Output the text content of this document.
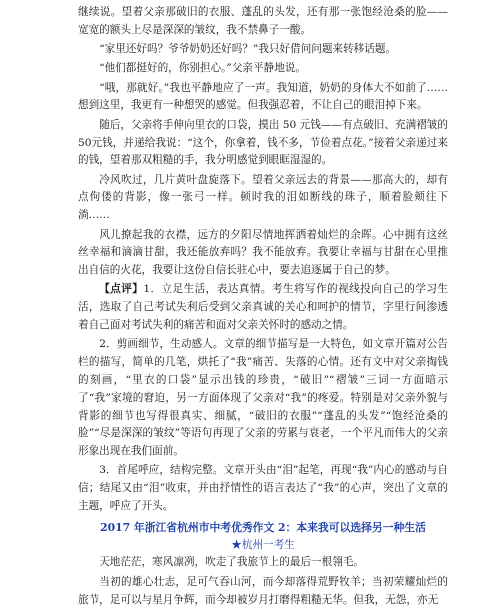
继续说。望着父亲那破旧的衣服、蓬乱的头发，还有那一张饱经沧桑的脸——宽宽的额头上尽是深深的皱纹，我不禁鼻子一酸。

“家里还好吗？爷爷奶奶还好吗？”我只好借问问题来转移话题。

“他们都挺好的，你别担心。”父亲平静地说。

“哦，那就好。”我也平静地应了一声。我知道，奶奶的身体大不如前了……想到这里，我更有一种想哭的感觉。但我强忍着，不让自己的眼泪掉下来。

随后，父亲将手伸向里衣的口袋，摸出 50 元钱——有点破旧、充满褶皱的50元钱，并递给我说：“这个，你拿着，钱不多，节俭着点花。”接着父亲递过来的钱，望着那双粗糙的手，我分明感觉到眼眶湿湿的。

冷风吹过，几片黄叶盘旋落下。望着父亲远去的背景——那高大的，却有点佝偻的背影，像一张弓一样。顿时我的泪如断线的珠子，顺着脸颊往下淌……

风儿撩起我的衣襟，远方的夕阳尽情地挥洒着灿烂的余晖。心中拥有这丝丝幸福和滴滴甘甜，我还能放弃吗？我不能放弃。我要让幸福与甘甜在心里推出自信的火花，我要让这份自信长驻心中，要去追逐属于自己的梦。

【点评】1．立足生活，表达真情。考生将写作的视线投向自己的学习生活，选取了自己考试失利后受到父亲真诚的关心和呵护的情节，字里行间渗透着自己面对考试失利的痛苦和面对父亲关怀时的感动之情。

2．剪画细节，生动感人。文章的细节描写是一大特色，如文章开篇对公告栏的描写，简单的几笔，烘托了“我”痛苦、失落的心情。还有文中对父亲掏钱的刻画，“里衣的口袋”显示出钱的珍贵，“破旧”“褶皱”三词一方面暗示了“我”家境的窘迫，另一方面体现了父亲对“我”的疼爱。特别是对父亲外貌与背影的细节也写得很真实、细腻，“破旧的衣服”“蓬乱的头发”“饱经沧桑的脸”“尽是深深的皱纹”等语句再现了父亲的劳累与衰老，一个平凡而伟大的父亲形象出现在我们面前。

3．首尾呼应，结构完整。文章开头由“泪”起笔，再现“我”内心的感动与自信；结尾又由“泪”收束，并由抒情性的语言表达了“我”的心声，突出了文章的主题，呼应了开头。

2017 年浙江省杭州市中考优秀作文 2：本来我可以选择另一种生活

★杭州一考生

天地茫茫，寒风凛冽，吹走了我旅节上的最后一根翎毛。

当初的雄心壮志，足可气吞山河，而今却落得荒野牧羊；当初荣耀灿烂的旅节，足可以与星月争辉，而今却被岁月打磨得粗糙无华。但我，无怨，亦无
